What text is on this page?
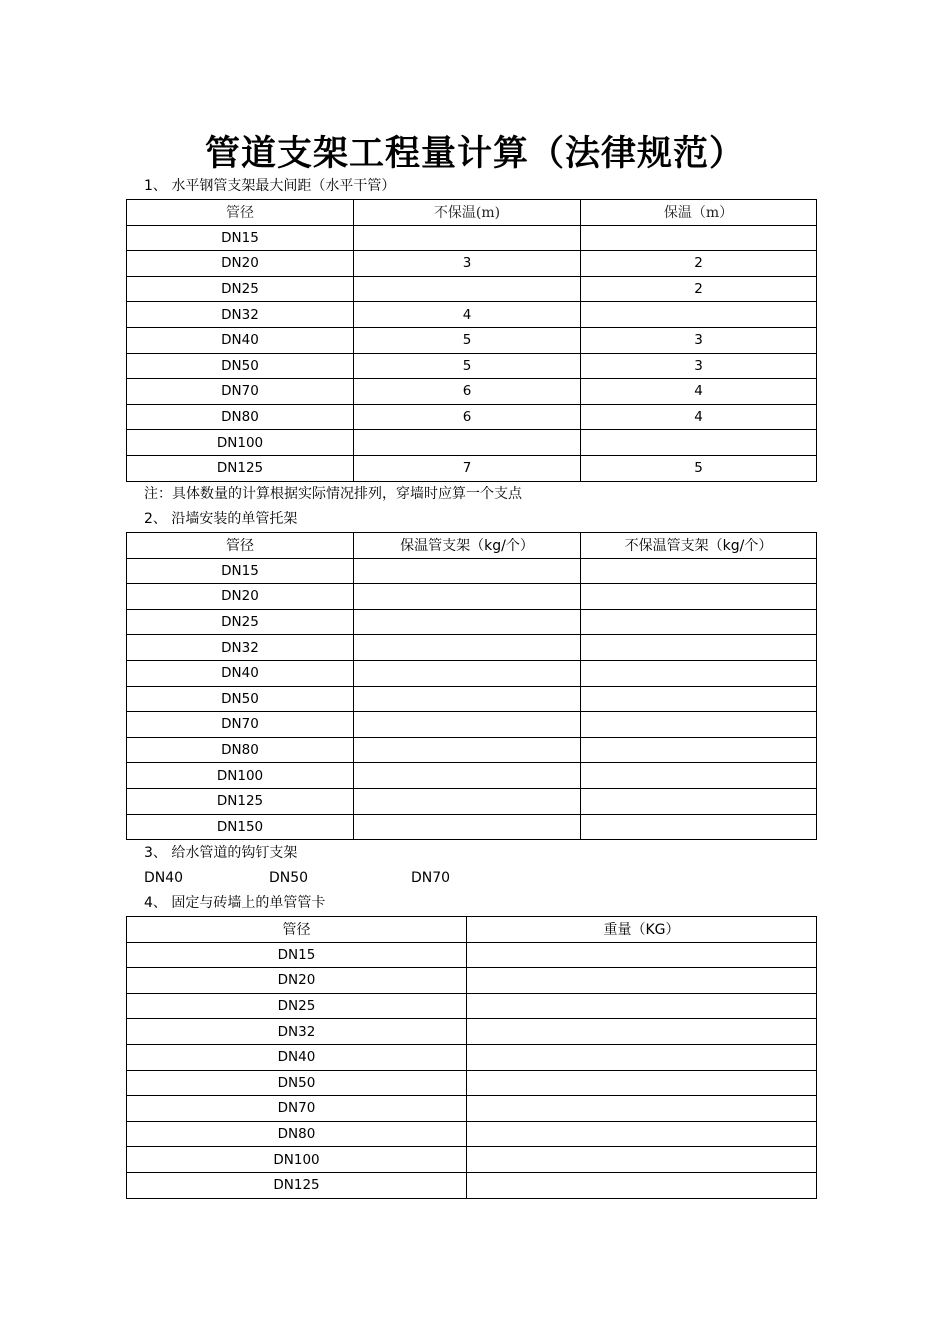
管道支架工程量计算（法律规范）
1、 水平钢管支架最大间距（水平干管）
管径	不保温(m)	保温（m）
DN15		
DN20	3	2
DN25		2
DN32	4	
DN40	5	3
DN50	5	3
DN70	6	4
DN80	6	4
DN100		
DN125	7	5
注：具体数量的计算根据实际情况排列，穿墙时应算一个支点
2、 沿墙安装的单管托架
管径	保温管支架（kg/个）	不保温管支架（kg/个）
DN15		
DN20		
DN25		
DN32		
DN40		
DN50		
DN70		
DN80		
DN100		
DN125		
DN150		
3、 给水管道的钩钉支架
DN40	DN50	DN70
4、 固定与砖墙上的单管管卡
管径	重量（KG）
DN15	
DN20	
DN25	
DN32	
DN40	
DN50	
DN70	
DN80	
DN100	
DN125	
